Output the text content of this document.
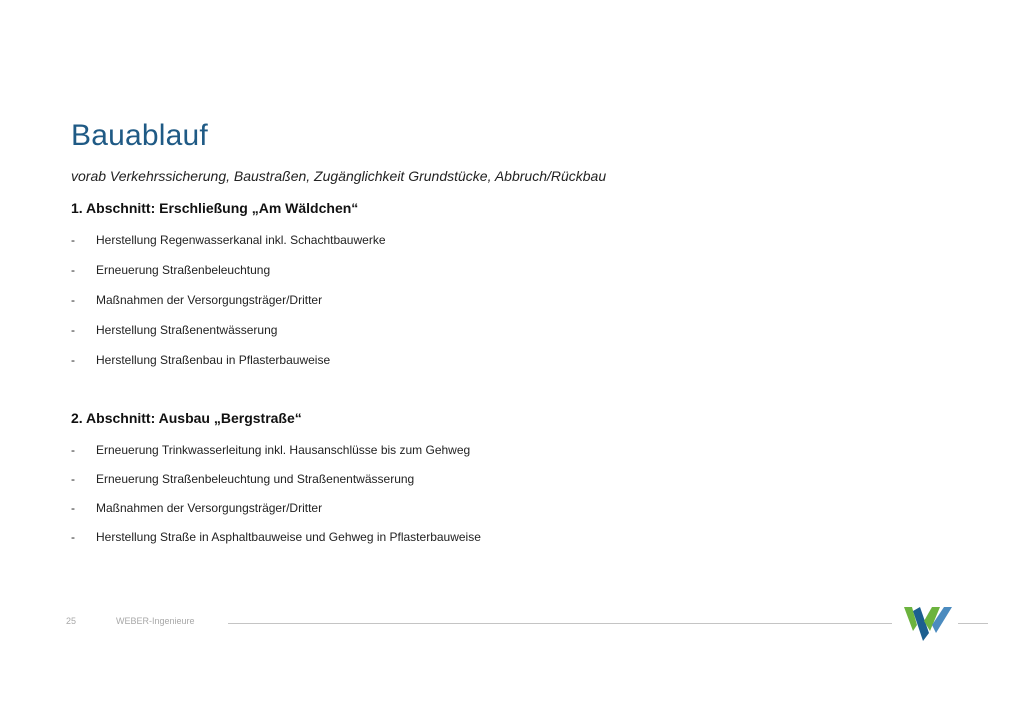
Bauablauf
vorab Verkehrssicherung, Baustraßen, Zugänglichkeit Grundstücke, Abbruch/Rückbau
1. Abschnitt: Erschließung „Am Wäldchen“
- Herstellung Regenwasserkanal inkl. Schachtbauwerke
- Erneuerung Straßenbeleuchtung
- Maßnahmen der Versorgungsträger/Dritter
- Herstellung Straßenentwässerung
- Herstellung Straßenbau in Pflasterbauweise
2. Abschnitt: Ausbau „Bergstraße“
- Erneuerung Trinkwasserleitung inkl. Hausanschlüsse bis zum Gehweg
- Erneuerung Straßenbeleuchtung und Straßenentwässerung
- Maßnahmen der Versorgungsträger/Dritter
- Herstellung Straße in Asphaltbauweise und Gehweg in Pflasterbauweise
25	WEBER-Ingenieure
